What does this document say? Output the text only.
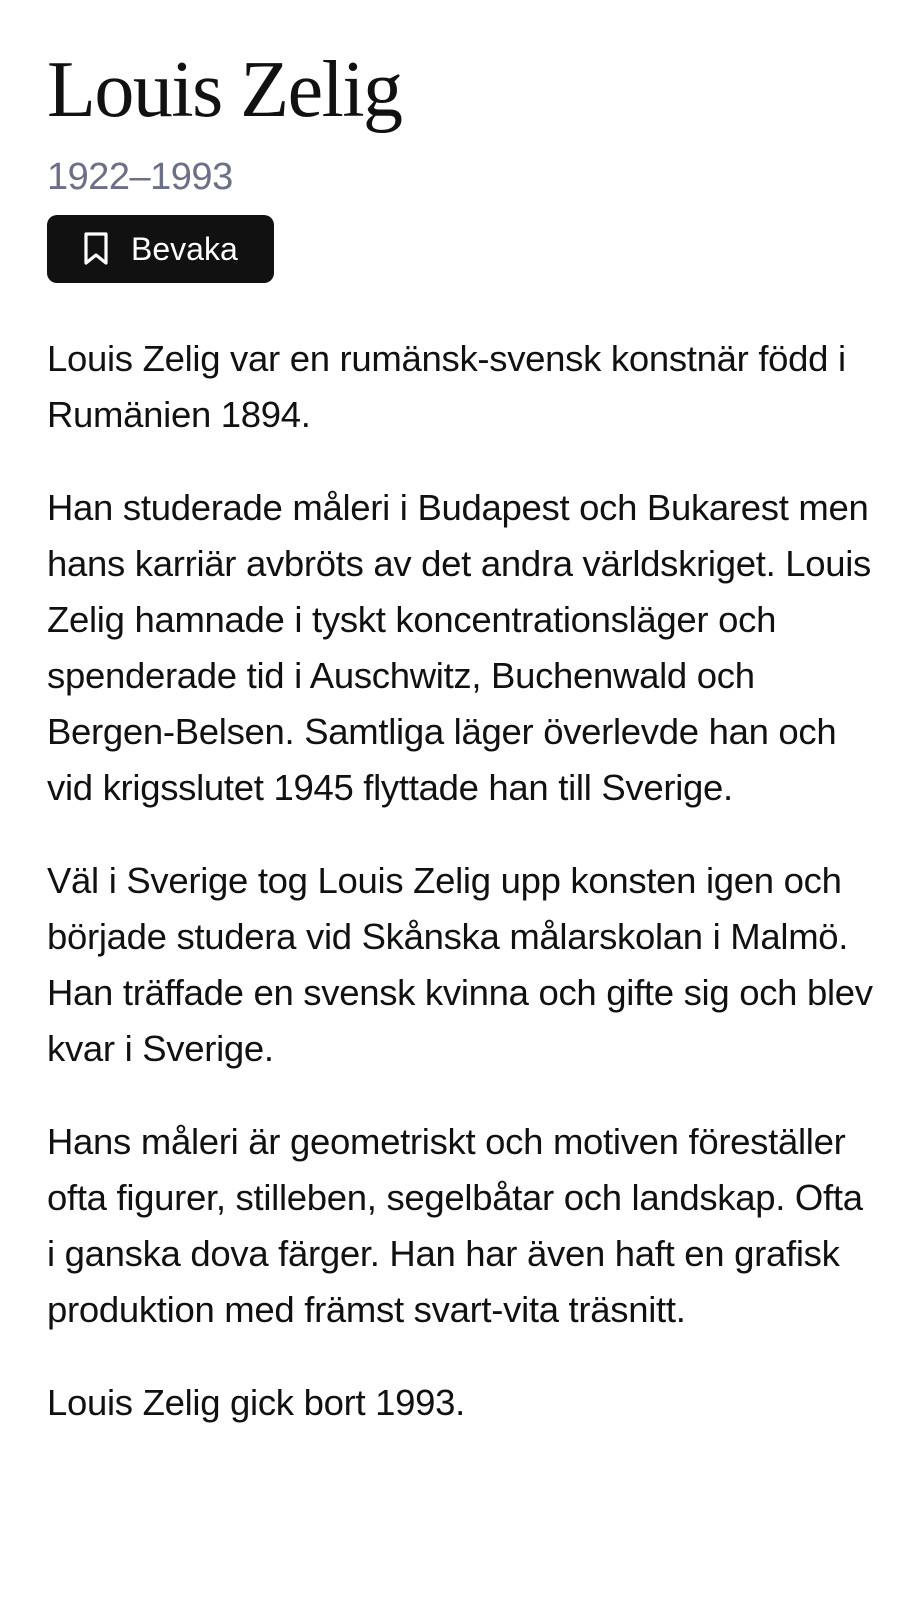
Louis Zelig
1922–1993
Bevaka

Louis Zelig var en rumänsk-svensk konstnär född i Rumänien 1894.

Han studerade måleri i Budapest och Bukarest men hans karriär avbröts av det andra världskriget. Louis Zelig hamnade i tyskt koncentrationsläger och spenderade tid i Auschwitz, Buchenwald och Bergen-Belsen. Samtliga läger överlevde han och vid krigsslutet 1945 flyttade han till Sverige.

Väl i Sverige tog Louis Zelig upp konsten igen och började studera vid Skånska målarskolan i Malmö. Han träffade en svensk kvinna och gifte sig och blev kvar i Sverige.

Hans måleri är geometriskt och motiven föreställer ofta figurer, stilleben, segelbåtar och landskap. Ofta i ganska dova färger. Han har även haft en grafisk produktion med främst svart-vita träsnitt.

Louis Zelig gick bort 1993.
